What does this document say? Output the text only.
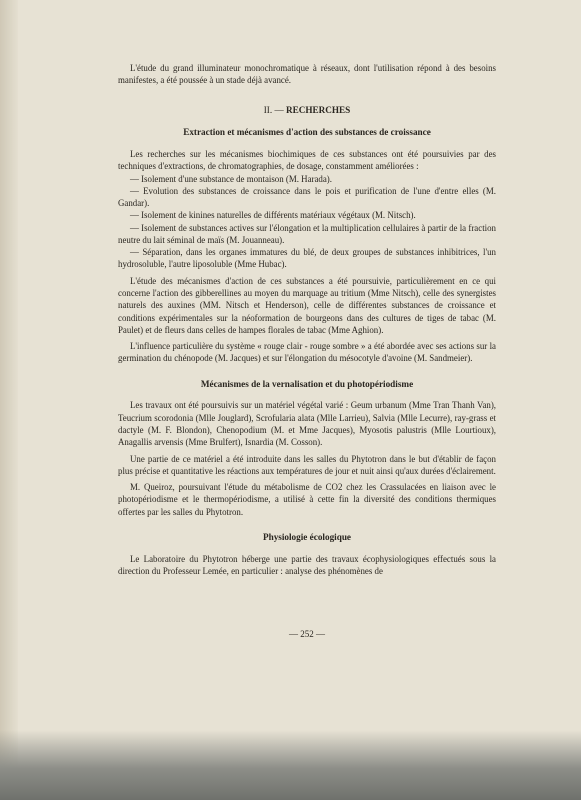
L'étude du grand illuminateur monochromatique à réseaux, dont l'utilisation répond à des besoins manifestes, a été poussée à un stade déjà avancé.

II. — RECHERCHES
Extraction et mécanismes d'action des substances de croissance

Les recherches sur les mécanismes biochimiques de ces substances ont été poursuivies par des techniques d'extractions, de chromatographies, de dosage, constamment améliorées :

— Isolement d'une substance de montaison (M. Harada).

— Evolution des substances de croissance dans le pois et purification de l'une d'entre elles (M. Gandar).

— Isolement de kinines naturelles de différents matériaux végétaux (M. Nitsch).

— Isolement de substances actives sur l'élongation et la multiplication cellulaires à partir de la fraction neutre du lait séminal de maïs (M. Jouanneau).

— Séparation, dans les organes immatures du blé, de deux groupes de substances inhibitrices, l'un hydrosoluble, l'autre liposoluble (Mme Hubac).

L'étude des mécanismes d'action de ces substances a été poursuivie, particulièrement en ce qui concerne l'action des gibberellines au moyen du marquage au tritium (Mme Nitsch), celle des synergistes naturels des auxines (MM. Nitsch et Henderson), celle de différentes substances de croissance et conditions expérimentales sur la néoformation de bourgeons dans des cultures de tiges de tabac (M. Paulet) et de fleurs dans celles de hampes florales de tabac (Mme Aghion).

L'influence particulière du système « rouge clair - rouge sombre » a été abordée avec ses actions sur la germination du chénopode (M. Jacques) et sur l'élongation du mésocotyle d'avoine (M. Sandmeier).

Mécanismes de la vernalisation et du photopériodisme

Les travaux ont été poursuivis sur un matériel végétal varié : Geum urbanum (Mme Tran Thanh Van), Teucrium scorodonia (Mlle Jouglard), Scrofularia alata (Mlle Larrieu), Salvia (Mlle Lecurre), ray-grass et dactyle (M. F. Blondon), Chenopodium (M. et Mme Jacques), Myosotis palustris (Mlle Lourtioux), Anagallis arvensis (Mme Brulfert), Isnardia (M. Cosson).

Une partie de ce matériel a été introduite dans les salles du Phytotron dans le but d'établir de façon plus précise et quantitative les réactions aux températures de jour et nuit ainsi qu'aux durées d'éclairement.

M. Queiroz, poursuivant l'étude du métabolisme de CO2 chez les Crassulacées en liaison avec le photopériodisme et le thermopériodisme, a utilisé à cette fin la diversité des conditions thermiques offertes par les salles du Phytotron.

Physiologie écologique

Le Laboratoire du Phytotron héberge une partie des travaux écophysiologiques effectués sous la direction du Professeur Lemée, en particulier : analyse des phénomènes de

— 252 —
